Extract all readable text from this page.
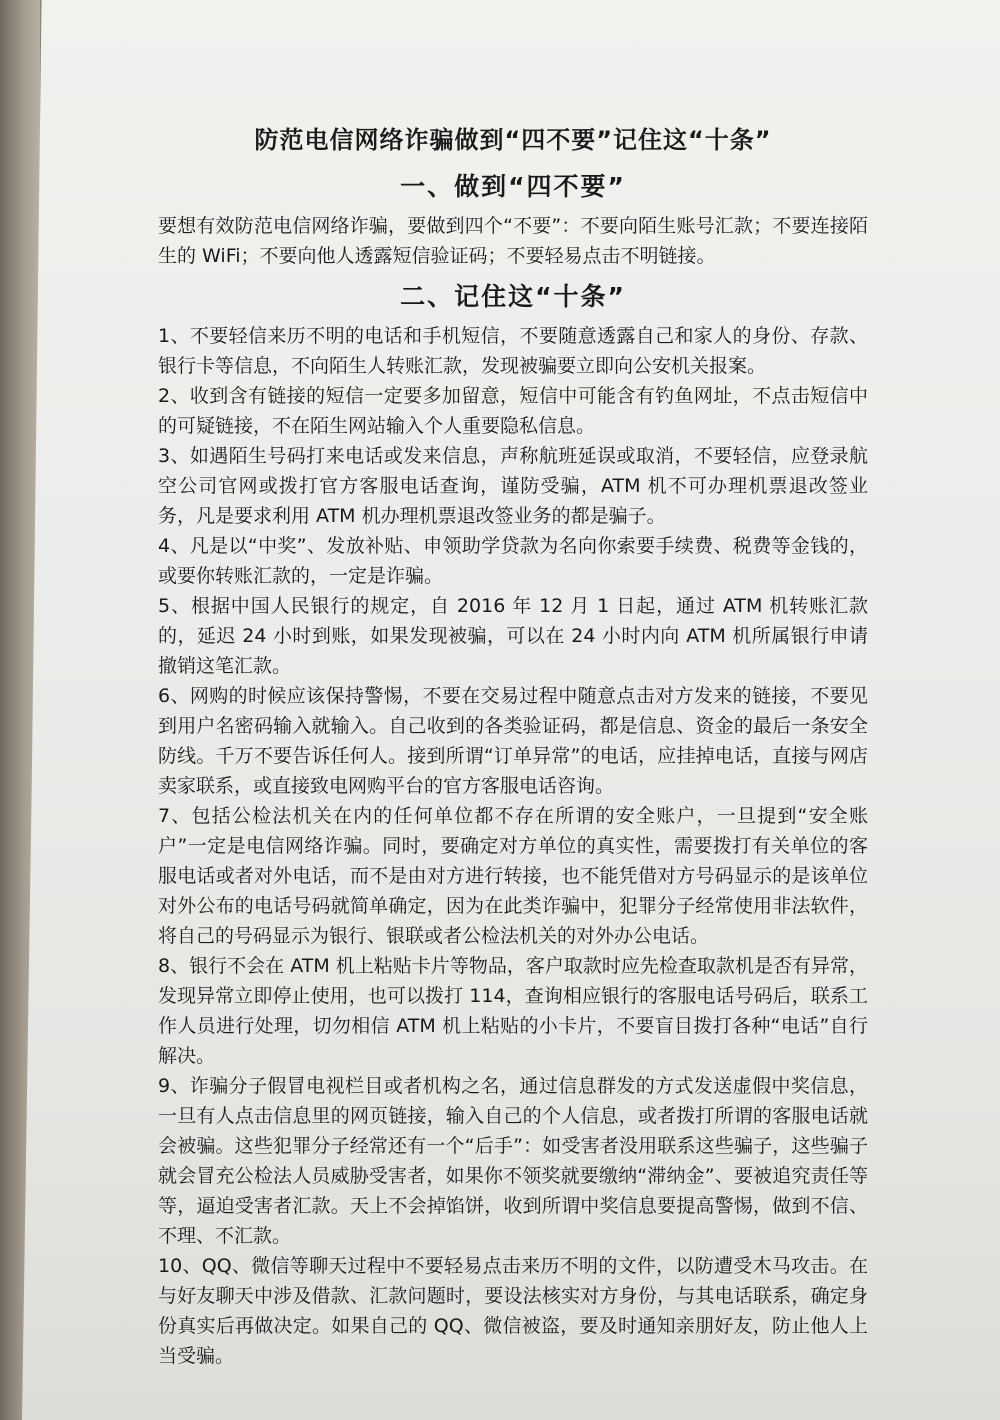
防范电信网络诈骗做到“四不要”记住这“十条”
一、做到“四不要”

要想有效防范电信网络诈骗，要做到四个“不要”：不要向陌生账号汇款；不要连接陌生的 WiFi；不要向他人透露短信验证码；不要轻易点击不明链接。

二、记住这“十条”

1、不要轻信来历不明的电话和手机短信，不要随意透露自己和家人的身份、存款、银行卡等信息，不向陌生人转账汇款，发现被骗要立即向公安机关报案。

2、收到含有链接的短信一定要多加留意，短信中可能含有钓鱼网址，不点击短信中的可疑链接，不在陌生网站输入个人重要隐私信息。

3、如遇陌生号码打来电话或发来信息，声称航班延误或取消，不要轻信，应登录航空公司官网或拨打官方客服电话查询，谨防受骗，ATM 机不可办理机票退改签业务，凡是要求利用 ATM 机办理机票退改签业务的都是骗子。

4、凡是以“中奖”、发放补贴、申领助学贷款为名向你索要手续费、税费等金钱的，或要你转账汇款的，一定是诈骗。

5、根据中国人民银行的规定，自 2016 年 12 月 1 日起，通过 ATM 机转账汇款的，延迟 24 小时到账，如果发现被骗，可以在 24 小时内向 ATM 机所属银行申请撤销这笔汇款。

6、网购的时候应该保持警惕，不要在交易过程中随意点击对方发来的链接，不要见到用户名密码输入就输入。自己收到的各类验证码，都是信息、资金的最后一条安全防线。千万不要告诉任何人。接到所谓“订单异常”的电话，应挂掉电话，直接与网店卖家联系，或直接致电网购平台的官方客服电话咨询。

7、包括公检法机关在内的任何单位都不存在所谓的安全账户，一旦提到“安全账户”一定是电信网络诈骗。同时，要确定对方单位的真实性，需要拨打有关单位的客服电话或者对外电话，而不是由对方进行转接，也不能凭借对方号码显示的是该单位对外公布的电话号码就简单确定，因为在此类诈骗中，犯罪分子经常使用非法软件，将自己的号码显示为银行、银联或者公检法机关的对外办公电话。

8、银行不会在 ATM 机上粘贴卡片等物品，客户取款时应先检查取款机是否有异常，发现异常立即停止使用，也可以拨打 114，查询相应银行的客服电话号码后，联系工作人员进行处理，切勿相信 ATM 机上粘贴的小卡片，不要盲目拨打各种“电话”自行解决。

9、诈骗分子假冒电视栏目或者机构之名，通过信息群发的方式发送虚假中奖信息，一旦有人点击信息里的网页链接，输入自己的个人信息，或者拨打所谓的客服电话就会被骗。这些犯罪分子经常还有一个“后手”：如受害者没用联系这些骗子，这些骗子就会冒充公检法人员威胁受害者，如果你不领奖就要缴纳“滞纳金”、要被追究责任等等，逼迫受害者汇款。天上不会掉馅饼，收到所谓中奖信息要提高警惕，做到不信、不理、不汇款。

10、QQ、微信等聊天过程中不要轻易点击来历不明的文件，以防遭受木马攻击。在与好友聊天中涉及借款、汇款问题时，要设法核实对方身份，与其电话联系，确定身份真实后再做决定。如果自己的 QQ、微信被盗，要及时通知亲朋好友，防止他人上当受骗。
